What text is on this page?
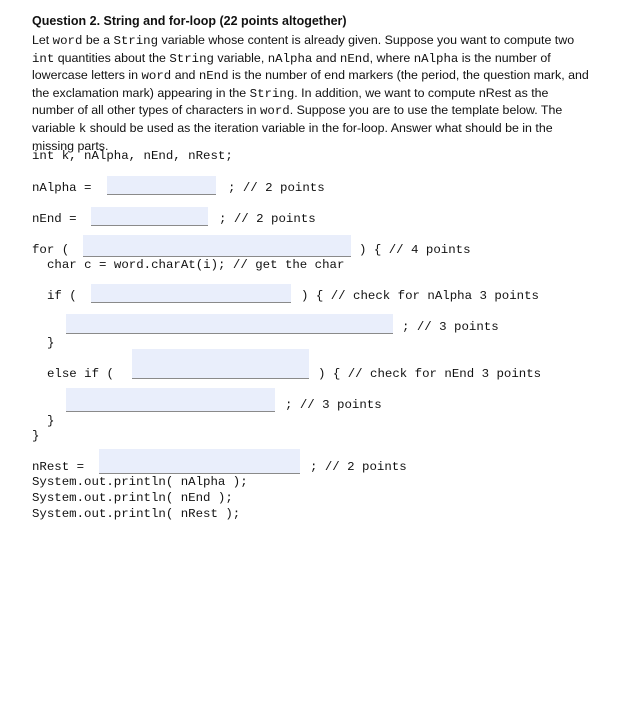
Question 2. String and for-loop (22 points altogether)

Let word be a String variable whose content is already given. Suppose you want to compute two int quantities about the String variable, nAlpha and nEnd, where nAlpha is the number of lowercase letters in word and nEnd is the number of end markers (the period, the question mark, and the exclamation mark) appearing in the String. In addition, we want to compute nRest as the number of all other types of characters in word. Suppose you are to use the template below. The variable k should be used as the iteration variable in the for-loop. Answer what should be in the missing parts.

int k, nAlpha, nEnd, nRest;
nAlpha =	; // 2 points
nEnd =	; // 2 points
for (	) { // 4 points
char c = word.charAt(i); // get the char
if (	) { // check for nAlpha 3 points
; // 3 points
}
else if (	) { // check for nEnd 3 points
; // 3 points
}
}
nRest =	; // 2 points
System.out.println( nAlpha );
System.out.println( nEnd );
System.out.println( nRest );
